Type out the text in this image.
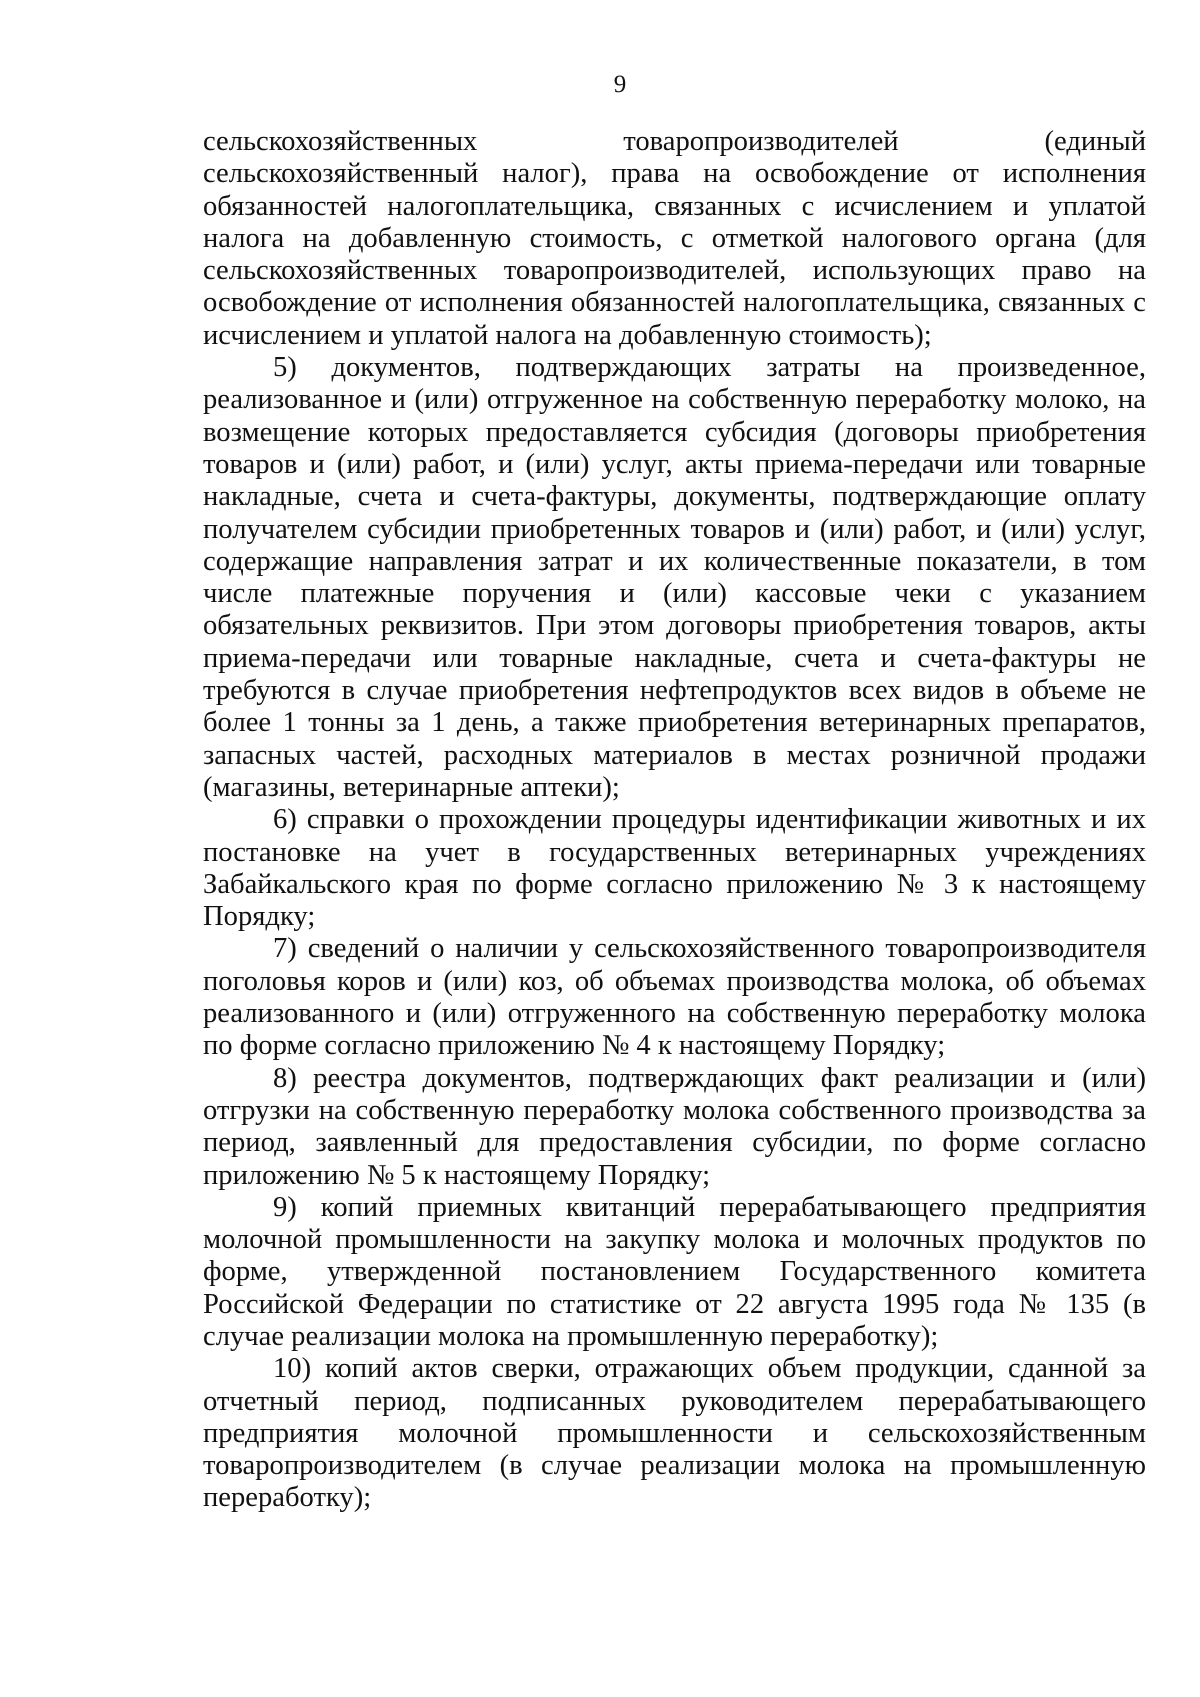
9

сельскохозяйственных товаропроизводителей (единый сельскохозяйственный налог), права на освобождение от исполнения обязанностей налогоплательщика, связанных с исчислением и уплатой налога на добавленную стоимость, с отметкой налогового органа (для сельскохозяйственных товаропроизводителей, использующих право на освобождение от исполнения обязанностей налогоплательщика, связанных с исчислением и уплатой налога на добавленную стоимость);

5) документов, подтверждающих затраты на произведенное, реализованное и (или) отгруженное на собственную переработку молоко, на возмещение которых предоставляется субсидия (договоры приобретения товаров и (или) работ, и (или) услуг, акты приема-передачи или товарные накладные, счета и счета-фактуры, документы, подтверждающие оплату получателем субсидии приобретенных товаров и (или) работ, и (или) услуг, содержащие направления затрат и их количественные показатели, в том числе платежные поручения и (или) кассовые чеки с указанием обязательных реквизитов. При этом договоры приобретения товаров, акты приема-передачи или товарные накладные, счета и счета-фактуры не требуются в случае приобретения нефтепродуктов всех видов в объеме не более 1 тонны за 1 день, а также приобретения ветеринарных препаратов, запасных частей, расходных материалов в местах розничной продажи (магазины, ветеринарные аптеки);

6) справки о прохождении процедуры идентификации животных и их постановке на учет в государственных ветеринарных учреждениях Забайкальского края по форме согласно приложению № 3 к настоящему Порядку;

7) сведений о наличии у сельскохозяйственного товаропроизводителя поголовья коров и (или) коз, об объемах производства молока, об объемах реализованного и (или) отгруженного на собственную переработку молока по форме согласно приложению № 4 к настоящему Порядку;

8) реестра документов, подтверждающих факт реализации и (или) отгрузки на собственную переработку молока собственного производства за период, заявленный для предоставления субсидии, по форме согласно приложению № 5 к настоящему Порядку;

9) копий приемных квитанций перерабатывающего предприятия молочной промышленности на закупку молока и молочных продуктов по форме, утвержденной постановлением Государственного комитета Российской Федерации по статистике от 22 августа 1995 года № 135 (в случае реализации молока на промышленную переработку);

10) копий актов сверки, отражающих объем продукции, сданной за отчетный период, подписанных руководителем перерабатывающего предприятия молочной промышленности и сельскохозяйственным товаропроизводителем (в случае реализации молока на промышленную переработку);
